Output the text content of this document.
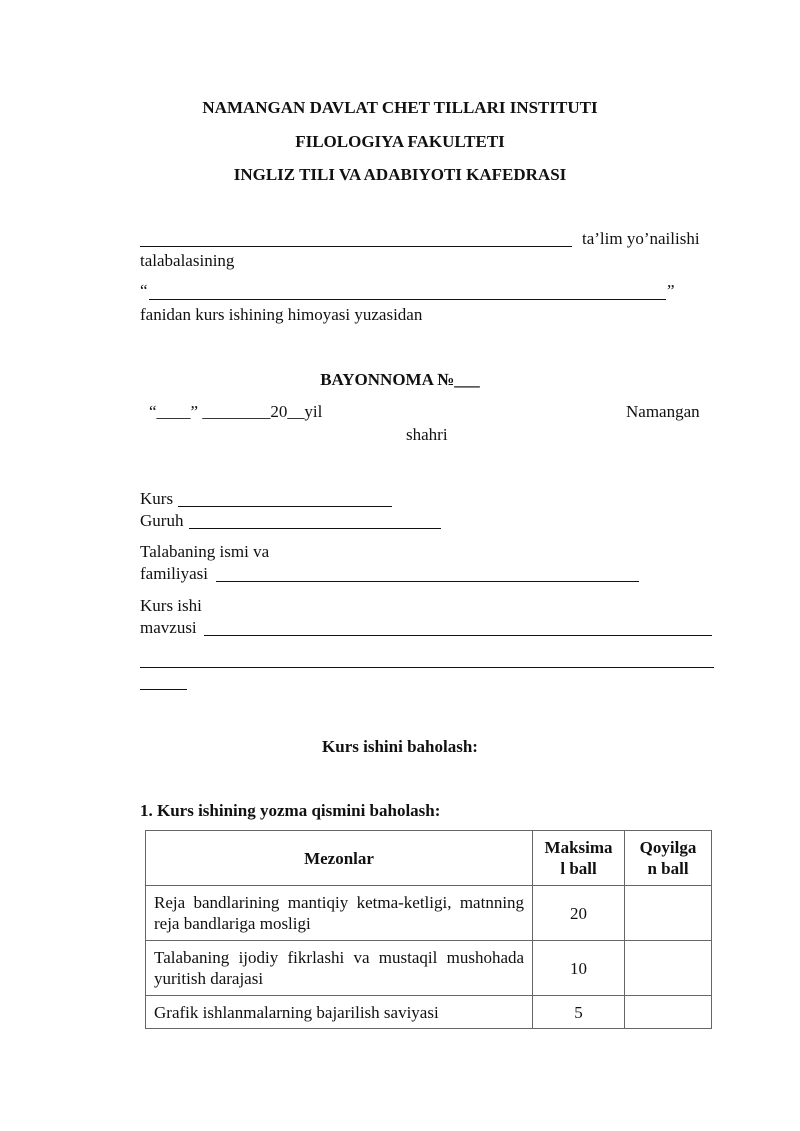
NAMANGAN DAVLAT CHET TILLARI INSTITUTI
FILOLOGIYA FAKULTETI
INGLIZ TILI VA ADABIYOTI KAFEDRASI
ta’lim yo’nailishi
talabalasining
“	”
fanidan kurs ishining himoyasi yuzasidan
BAYONNOMA №___
“____” ________20__yil	Namangan
shahri
Kurs
Guruh
Talabaning ismi va
familiyasi
Kurs ishi
mavzusi
Kurs ishini baholash:
1. Kurs ishining yozma qismini baholash:
Mezonlar	Maksima l ball	Qoyilga n ball
Reja bandlarining mantiqiy ketma-ketligi, matnning reja bandlariga mosligi	20	
Talabaning ijodiy fikrlashi va mustaqil mushohada yuritish darajasi	10	
Grafik ishlanmalarning bajarilish saviyasi	5	
